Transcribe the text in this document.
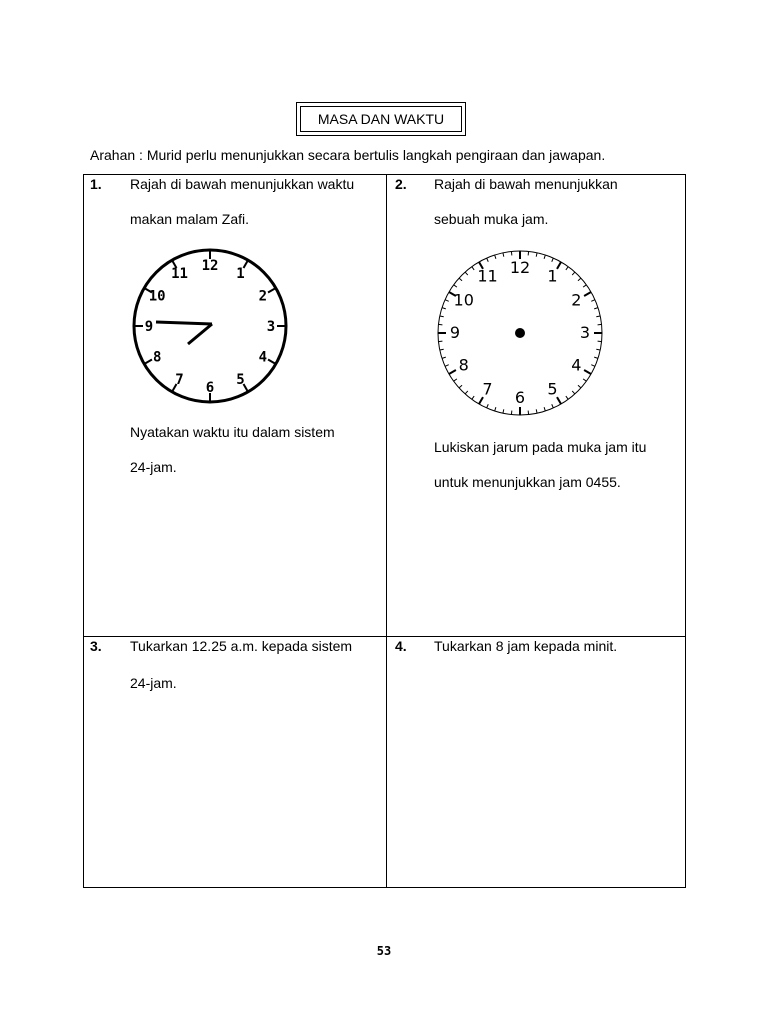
MASA DAN WAKTU
Arahan : Murid perlu menunjukkan secara bertulis langkah pengiraan dan jawapan.
1. Rajah di bawah menunjukkan waktu
makan malam Zafi.
12
1
2
3
4
5
6
7
8
9
10
11
Nyatakan waktu itu dalam sistem
24-jam.
2. Rajah di bawah menunjukkan
sebuah muka jam.
12 1
2
3
4
5
6
7
8
9
10
11
Lukiskan jarum pada muka jam itu
untuk menunjukkan jam 0455.
3. Tukarkan 12.25 a.m. kepada sistem
24-jam.
4. Tukarkan 8 jam kepada minit.
53
